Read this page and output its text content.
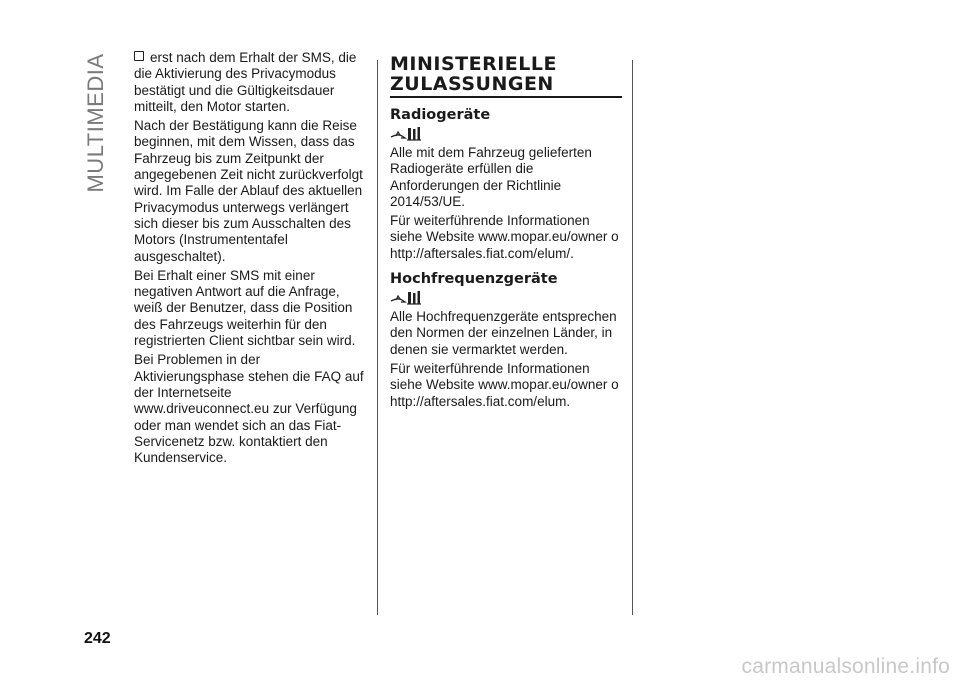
MULTIMEDIA	erst nach dem Erhalt der SMS, die die Aktivierung des Privacymodus bestätigt und die Gültigkeitsdauer mitteilt, den Motor starten.

Nach der Bestätigung kann die Reise beginnen, mit dem Wissen, dass das Fahrzeug bis zum Zeitpunkt der angegebenen Zeit nicht zurückverfolgt wird. Im Falle der Ablauf des aktuellen Privacymodus unterwegs verlängert sich dieser bis zum Ausschalten des Motors (Instrumententafel ausgeschaltet).

Bei Erhalt einer SMS mit einer negativen Antwort auf die Anfrage, weiß der Benutzer, dass die Position des Fahrzeugs weiterhin für den registrierten Client sichtbar sein wird.

Bei Problemen in der Aktivierungsphase stehen die FAQ auf der Internetseite www.driveuconnect.eu zur Verfügung oder man wendet sich an das Fiat-Servicenetz bzw. kontaktiert den Kundenservice.

MINISTERIELLE
ZULASSUNGEN
Radiogeräte

Alle mit dem Fahrzeug gelieferten Radiogeräte erfüllen die Anforderungen der Richtlinie 2014/53/UE.

Für weiterführende Informationen siehe Website www.mopar.eu/owner o http://aftersales.fiat.com/elum/.

Hochfrequenzgeräte

Alle Hochfrequenzgeräte entsprechen den Normen der einzelnen Länder, in denen sie vermarktet werden.

Für weiterführende Informationen siehe Website www.mopar.eu/owner o http://aftersales.fiat.com/elum.

242
carmanualsonline.info
